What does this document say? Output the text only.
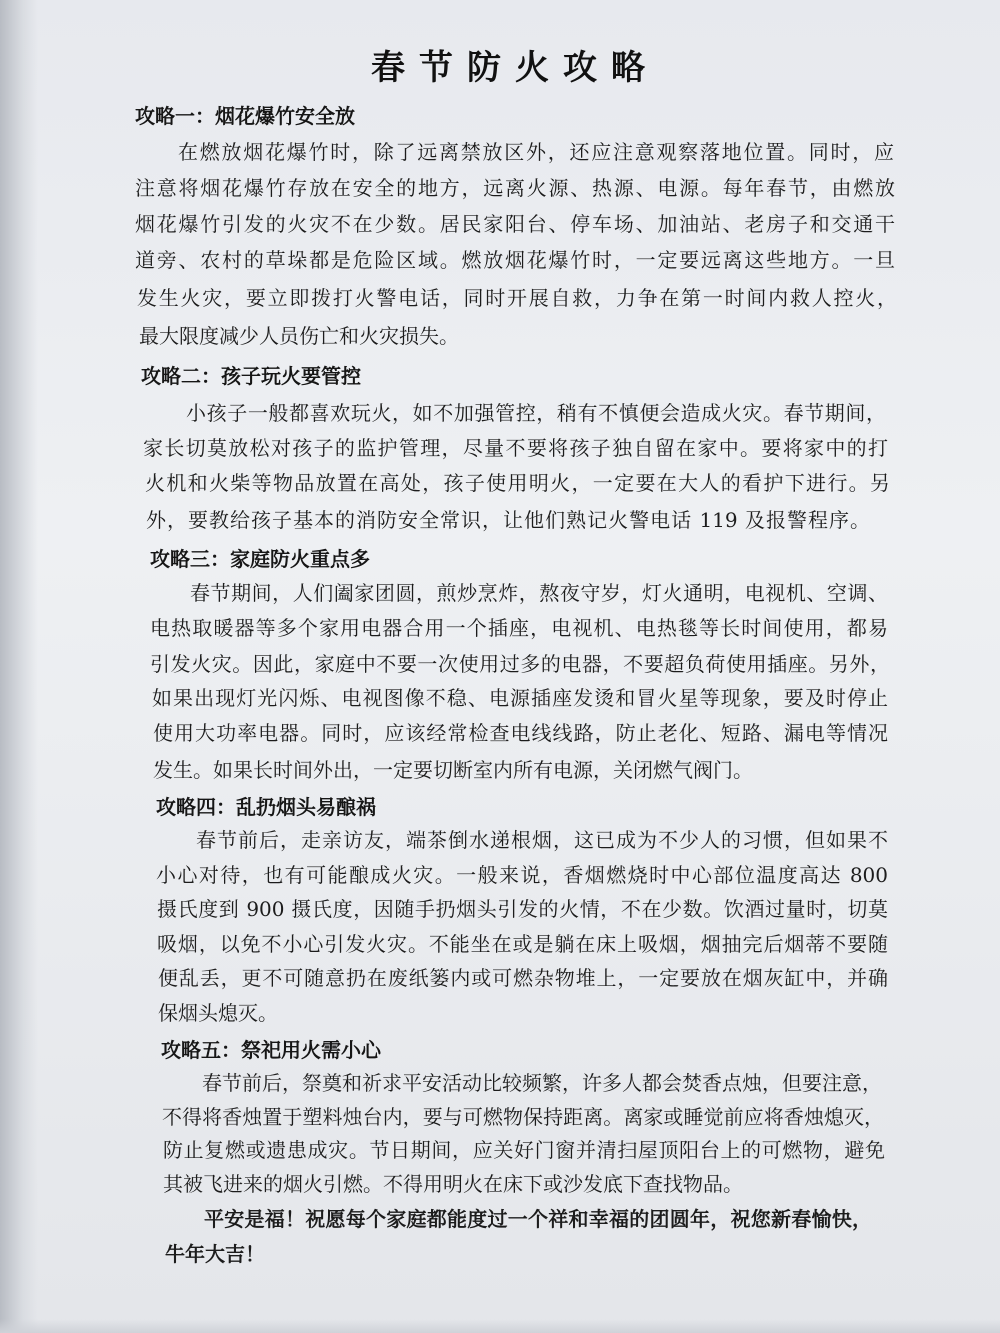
春节防火攻略
攻略一：烟花爆竹安全放
在燃放烟花爆竹时，除了远离禁放区外，还应注意观察落地位置。同时，应
注意将烟花爆竹存放在安全的地方，远离火源、热源、电源。每年春节，由燃放
烟花爆竹引发的火灾不在少数。居民家阳台、停车场、加油站、老房子和交通干
道旁、农村的草垛都是危险区域。燃放烟花爆竹时，一定要远离这些地方。一旦
发生火灾，要立即拨打火警电话，同时开展自救，力争在第一时间内救人控火，
最大限度减少人员伤亡和火灾损失。
攻略二：孩子玩火要管控
小孩子一般都喜欢玩火，如不加强管控，稍有不慎便会造成火灾。春节期间，
家长切莫放松对孩子的监护管理，尽量不要将孩子独自留在家中。要将家中的打
火机和火柴等物品放置在高处，孩子使用明火，一定要在大人的看护下进行。另
外，要教给孩子基本的消防安全常识，让他们熟记火警电话 119 及报警程序。
攻略三：家庭防火重点多
春节期间，人们阖家团圆，煎炒烹炸，熬夜守岁，灯火通明，电视机、空调、
电热取暖器等多个家用电器合用一个插座，电视机、电热毯等长时间使用，都易
引发火灾。因此，家庭中不要一次使用过多的电器，不要超负荷使用插座。另外，
如果出现灯光闪烁、电视图像不稳、电源插座发烫和冒火星等现象，要及时停止
使用大功率电器。同时，应该经常检查电线线路，防止老化、短路、漏电等情况
发生。如果长时间外出，一定要切断室内所有电源，关闭燃气阀门。
攻略四：乱扔烟头易酿祸
春节前后，走亲访友，端茶倒水递根烟，这已成为不少人的习惯，但如果不
小心对待，也有可能酿成火灾。一般来说，香烟燃烧时中心部位温度高达 800
摄氏度到 900 摄氏度，因随手扔烟头引发的火情，不在少数。饮酒过量时，切莫
吸烟，以免不小心引发火灾。不能坐在或是躺在床上吸烟，烟抽完后烟蒂不要随
便乱丢，更不可随意扔在废纸篓内或可燃杂物堆上，一定要放在烟灰缸中，并确
保烟头熄灭。
攻略五：祭祀用火需小心
春节前后，祭奠和祈求平安活动比较频繁，许多人都会焚香点烛，但要注意，
不得将香烛置于塑料烛台内，要与可燃物保持距离。离家或睡觉前应将香烛熄灭，
防止复燃或遗患成灾。节日期间，应关好门窗并清扫屋顶阳台上的可燃物，避免
其被飞进来的烟火引燃。不得用明火在床下或沙发底下查找物品。
平安是福！祝愿每个家庭都能度过一个祥和幸福的团圆年，祝您新春愉快，
牛年大吉！
